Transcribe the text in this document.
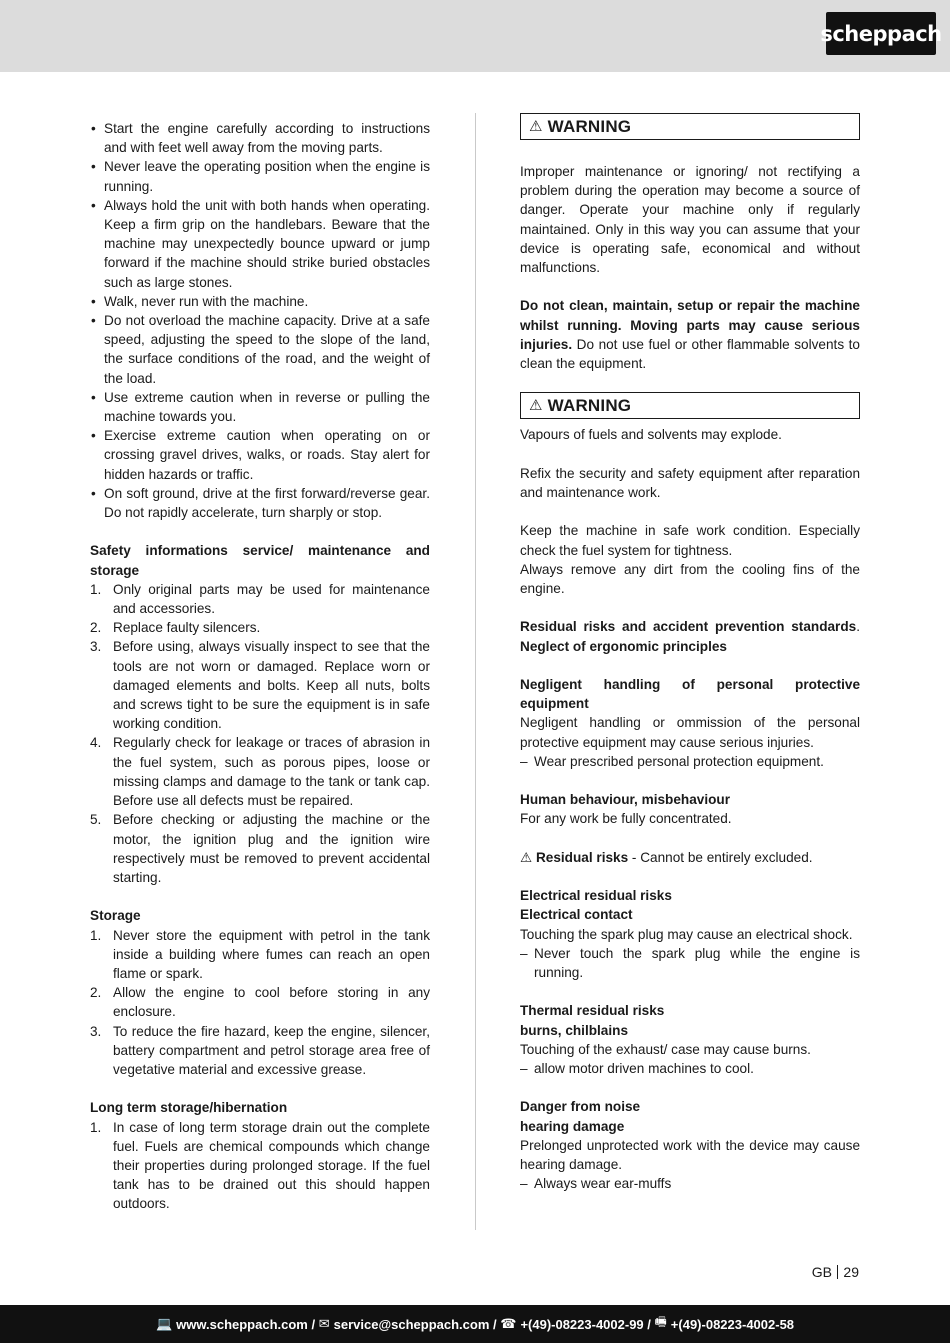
scheppach
• Start the engine carefully according to instructions and with feet well away from the moving parts.
• Never leave the operating position when the engine is running.
• Always hold the unit with both hands when operating. Keep a firm grip on the handlebars. Beware that the machine may unexpectedly bounce upward or jump forward if the machine should strike buried obstacles such as large stones.
• Walk, never run with the machine.
• Do not overload the machine capacity. Drive at a safe speed, adjusting the speed to the slope of the land, the surface conditions of the road, and the weight of the load.
• Use extreme caution when in reverse or pulling the machine towards you.
• Exercise extreme caution when operating on or crossing gravel drives, walks, or roads. Stay alert for hidden hazards or traffic.
• On soft ground, drive at the first forward/reverse gear. Do not rapidly accelerate, turn sharply or stop.

Safety informations service/ maintenance and storage

1. Only original parts may be used for maintenance and accessories.
2. Replace faulty silencers.
3. Before using, always visually inspect to see that the tools are not worn or damaged. Replace worn or damaged elements and bolts. Keep all nuts, bolts and screws tight to be sure the equipment is in safe working condition.
4. Regularly check for leakage or traces of abrasion in the fuel system, such as porous pipes, loose or missing clamps and damage to the tank or tank cap. Before use all defects must be repaired.
5. Before checking or adjusting the machine or the motor, the ignition plug and the ignition wire respectively must be removed to prevent accidental starting.

Storage

1. Never store the equipment with petrol in the tank inside a building where fumes can reach an open flame or spark.
2. Allow the engine to cool before storing in any enclosure.
3. To reduce the fire hazard, keep the engine, silencer, battery compartment and petrol storage area free of vegetative material and excessive grease.

Long term storage/hibernation

1. In case of long term storage drain out the complete fuel. Fuels are chemical compounds which change their properties during prolonged storage. If the fuel tank has to be drained out this should happen outdoors.
⚠ WARNING

Improper maintenance or ignoring/ not rectifying a problem during the operation may become a source of danger. Operate your machine only if regularly maintained. Only in this way you can assume that your device is operating safe, economical and without malfunctions.

Do not clean, maintain, setup or repair the machine whilst running. Moving parts may cause serious injuries. Do not use fuel or other flammable solvents to clean the equipment.

⚠ WARNING

Vapours of fuels and solvents may explode.

Refix the security and safety equipment after reparation and maintenance work.

Keep the machine in safe work condition. Especially check the fuel system for tightness.

Always remove any dirt from the cooling fins of the engine.

Residual risks and accident prevention standards. Neglect of ergonomic principles

Negligent handling of personal protective equipment

Negligent handling or ommission of the personal protective equipment may cause serious injuries.

– Wear prescribed personal protection equipment.

Human behaviour, misbehaviour

For any work be fully concentrated.

⚠ Residual risks - Cannot be entirely excluded.

Electrical residual risks

Electrical contact

Touching the spark plug may cause an electrical shock.

– Never touch the spark plug while the engine is running.

Thermal residual risks

burns, chilblains

Touching of the exhaust/ case may cause burns.

– allow motor driven machines to cool.

Danger from noise

hearing damage

Prelonged unprotected work with the device may cause hearing damage.

– Always wear ear-muffs
GB 29
💻 www.scheppach.com /
✉ service@scheppach.com /
☎ +(49)-08223-4002-99 /
🖷 +(49)-08223-4002-58
